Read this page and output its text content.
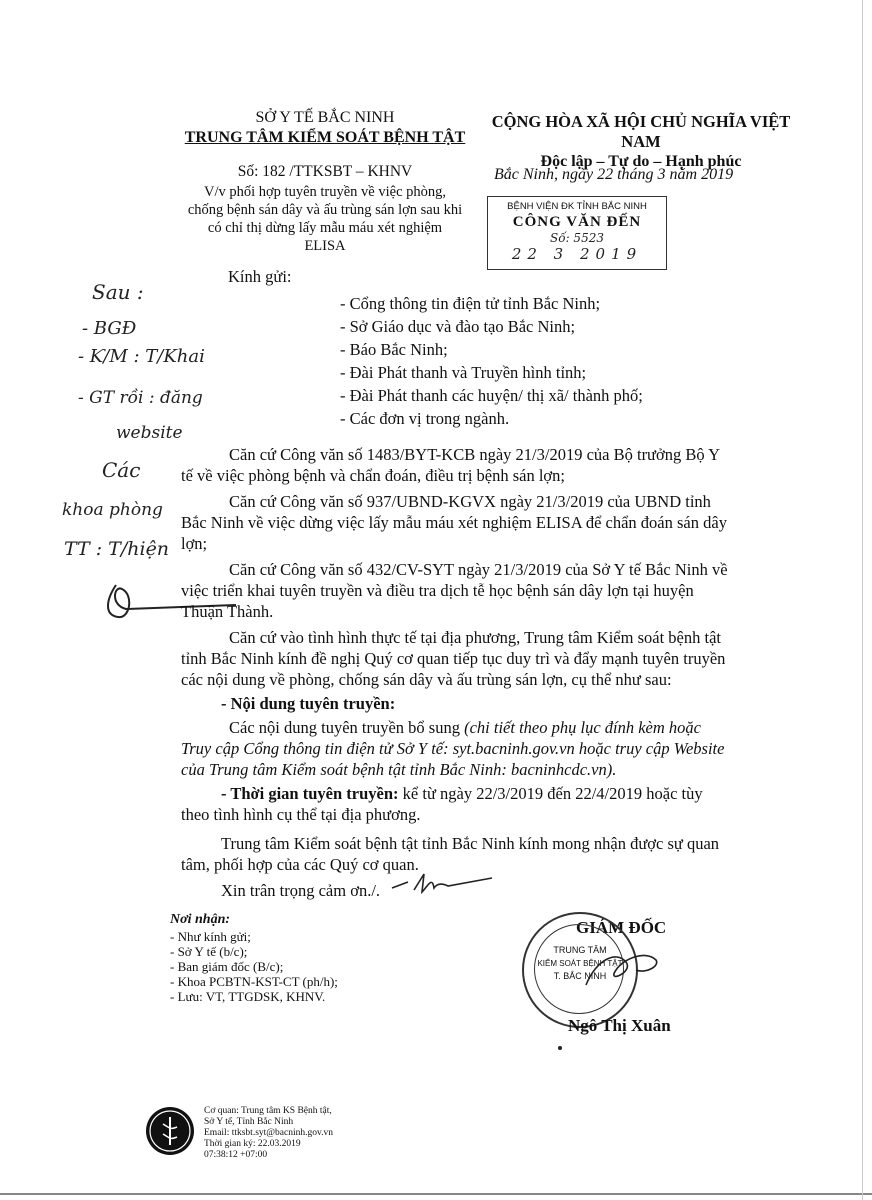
SỞ Y TẾ BẮC NINH
TRUNG TÂM KIỂM SOÁT BỆNH TẬT
Số: 182 /TTKSBT – KHNV
V/v phối hợp tuyên truyền về việc phòng,
chống bệnh sán dây và ấu trùng sán lợn sau khi
có chỉ thị dừng lấy mẫu máu xét nghiệm
ELISA
CỘNG HÒA XÃ HỘI CHỦ NGHĨA VIỆT NAM
Độc lập – Tự do – Hạnh phúc
Bắc Ninh, ngày 22 tháng 3 năm 2019
BỆNH VIỆN ĐK TỈNH BẮC NINH
CÔNG VĂN ĐẾN
Số: 5523
22 3 2019
Kính gửi:
- Cổng thông tin điện tử tỉnh Bắc Ninh;
- Sở Giáo dục và đào tạo Bắc Ninh;
- Báo Bắc Ninh;
- Đài Phát thanh và Truyền hình tỉnh;
- Đài Phát thanh các huyện/ thị xã/ thành phố;
- Các đơn vị trong ngành.
Sau :
- BGĐ
- Ƙ/M : T/Khai
- GT rồi : đăng
website
Các
khoa phòng
TT : T/hiện
Căn cứ Công văn số 1483/BYT-KCB ngày 21/3/2019 của Bộ trưởng Bộ Y
tế về việc phòng bệnh và chẩn đoán, điều trị bệnh sán lợn;
Căn cứ Công văn số 937/UBND-KGVX ngày 21/3/2019 của UBND tỉnh
Bắc Ninh về việc dừng việc lấy mẫu máu xét nghiệm ELISA để chẩn đoán sán dây
lợn;
Căn cứ Công văn số 432/CV-SYT ngày 21/3/2019 của Sở Y tế Bắc Ninh về
việc triển khai tuyên truyền và điều tra dịch tễ học bệnh sán dây lợn tại huyện
Thuận Thành.
Căn cứ vào tình hình thực tế tại địa phương, Trung tâm Kiểm soát bệnh tật
tỉnh Bắc Ninh kính đề nghị Quý cơ quan tiếp tục duy trì và đẩy mạnh tuyên truyền
các nội dung về phòng, chống sán dây và ấu trùng sán lợn, cụ thể như sau:
- Nội dung tuyên truyền:
Các nội dung tuyên truyền bổ sung (chi tiết theo phụ lục đính kèm hoặc
Truy cập Cổng thông tin điện tử Sở Y tế: syt.bacninh.gov.vn hoặc truy cập Website
của Trung tâm Kiểm soát bệnh tật tỉnh Bắc Ninh: bacninhcdc.vn).
- Thời gian tuyên truyền: kể từ ngày 22/3/2019 đến 22/4/2019 hoặc tùy
theo tình hình cụ thể tại địa phương.
Trung tâm Kiểm soát bệnh tật tỉnh Bắc Ninh kính mong nhận được sự quan
tâm, phối hợp của các Quý cơ quan.
Xin trân trọng cảm ơn./.
Nơi nhận:
- Như kính gửi;
- Sở Y tế (b/c);
- Ban giám đốc (B/c);
- Khoa PCBTN-KST-CT (ph/h);
- Lưu: VT, TTGDSK, KHNV.
GIÁM ĐỐC
TRUNG TÂM
KIỂM SOÁT BỆNH TẬT
T. BẮC NINH
Ngô Thị Xuân
Cơ quan: Trung tâm KS Bệnh tật,
Sở Y tế, Tỉnh Bắc Ninh
Email: ttksbt.syt@bacninh.gov.vn
Thời gian ký: 22.03.2019
07:38:12 +07:00
